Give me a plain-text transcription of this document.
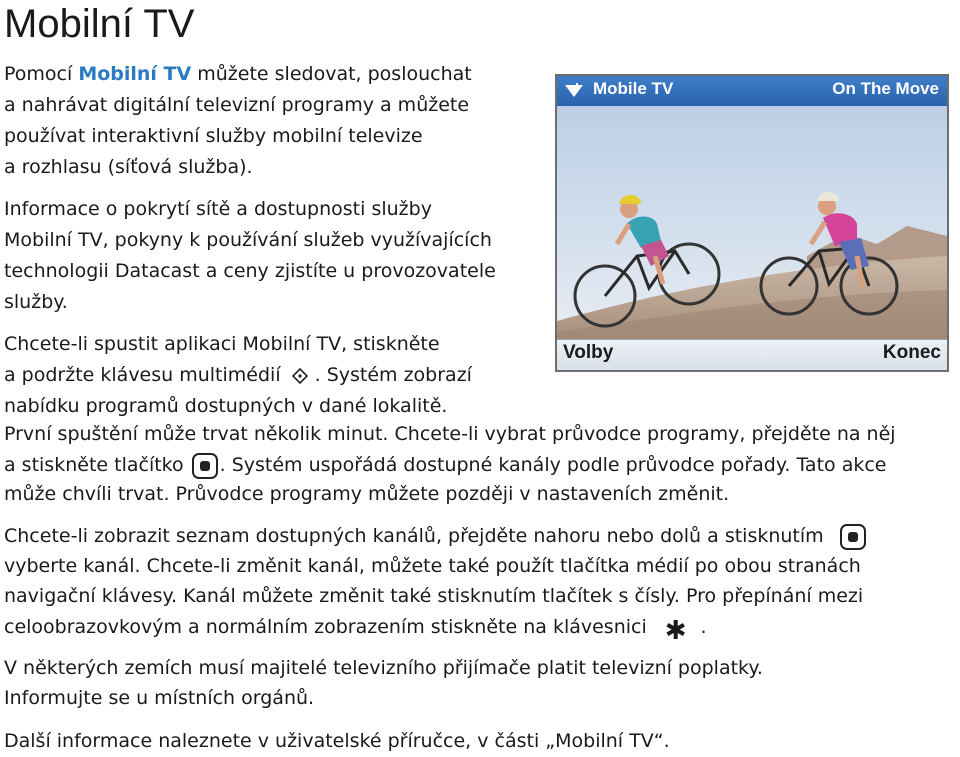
Mobilní TV

Pomocí Mobilní TV můžete sledovat, poslouchat

a nahrávat digitální televizní programy a můžete

používat interaktivní služby mobilní televize

a rozhlasu (síťová služba).

Informace o pokrytí sítě a dostupnosti služby

Mobilní TV, pokyny k používání služeb využívajících

technologii Datacast a ceny zjistíte u provozovatele

služby.

Chcete-li spustit aplikaci Mobilní TV, stiskněte

a podržte klávesu multimédií . Systém zobrazí

nabídku programů dostupných v dané lokalitě.

První spuštění může trvat několik minut. Chcete-li vybrat průvodce programy, přejděte na něj

a stiskněte tlačítko . Systém uspořádá dostupné kanály podle průvodce pořady. Tato akce

může chvíli trvat. Průvodce programy můžete později v nastaveních změnit.

Chcete-li zobrazit seznam dostupných kanálů, přejděte nahoru nebo dolů a stisknutím

vyberte kanál. Chcete-li změnit kanál, můžete také použít tlačítka médií po obou stranách

navigační klávesy. Kanál můžete změnit také stisknutím tlačítek s čísly. Pro přepínání mezi

celoobrazovkovým a normálním zobrazením stiskněte na klávesnici ✱ .

V některých zemích musí majitelé televizního přijímače platit televizní poplatky.

Informujte se u místních orgánů.

Další informace naleznete v uživatelské příručce, v části „Mobilní TV“.

Mobile TV	On The Move
Volby	Konec
